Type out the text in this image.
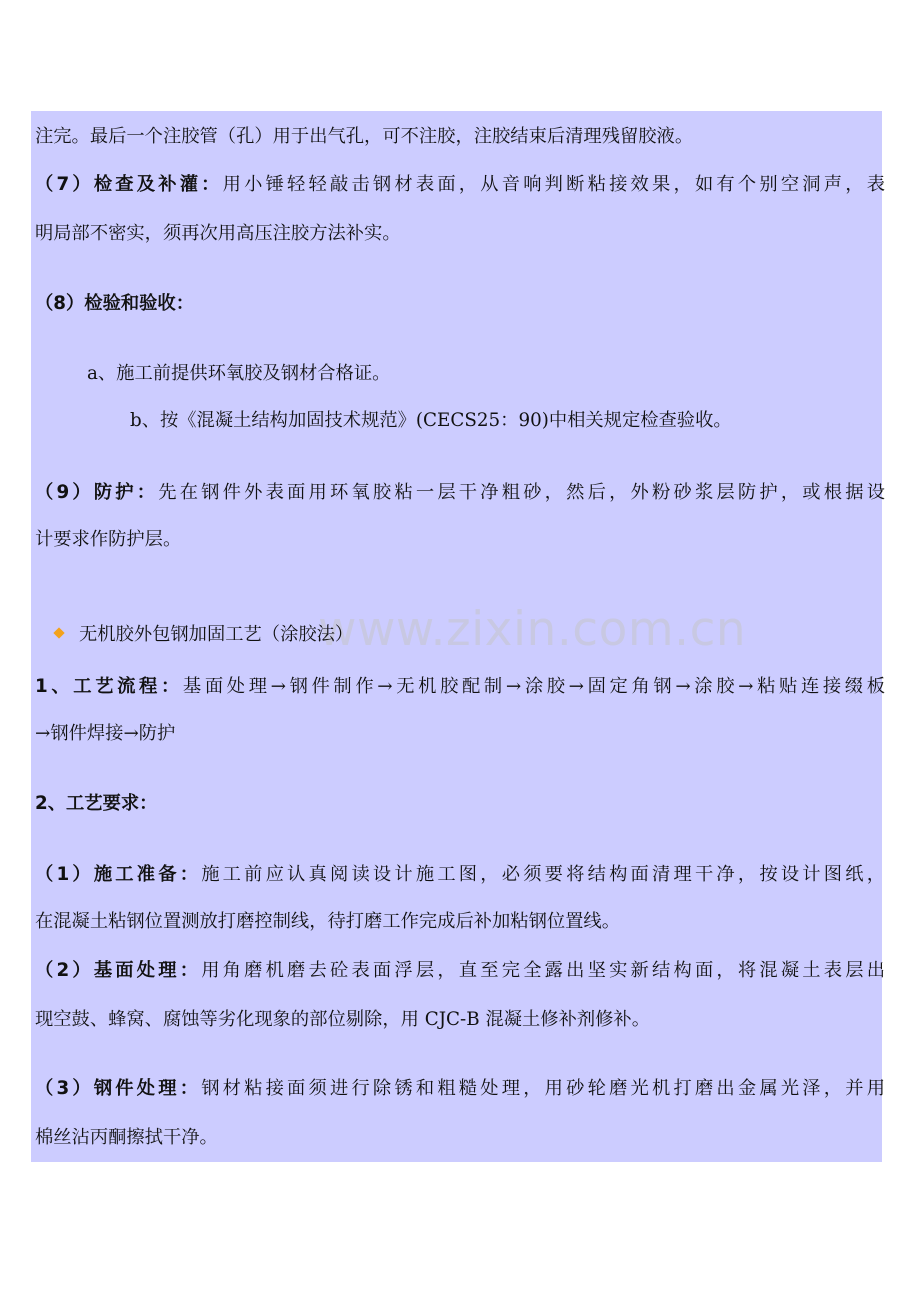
www.zixin.com.cn
注完。最后一个注胶管（孔）用于出气孔，可不注胶，注胶结束后清理残留胶液。
（7）检查及补灌：用小锤轻轻敲击钢材表面，从音响判断粘接效果，如有个别空洞声，表
明局部不密实，须再次用高压注胶方法补实。
（8）检验和验收：
a、施工前提供环氧胶及钢材合格证。
b、按《混凝土结构加固技术规范》(CECS25：90)中相关规定检查验收。
（9）防护：先在钢件外表面用环氧胶粘一层干净粗砂，然后，外粉砂浆层防护，或根据设
计要求作防护层。
无机胶外包钢加固工艺（涂胶法）
1、工艺流程：基面处理→钢件制作→无机胶配制→涂胶→固定角钢→涂胶→粘贴连接缀板
→钢件焊接→防护
2、工艺要求：
（1）施工准备：施工前应认真阅读设计施工图，必须要将结构面清理干净，按设计图纸，
在混凝土粘钢位置测放打磨控制线，待打磨工作完成后补加粘钢位置线。
（2）基面处理：用角磨机磨去砼表面浮层，直至完全露出坚实新结构面，将混凝土表层出
现空鼓、蜂窝、腐蚀等劣化现象的部位剔除，用 CJC-B 混凝土修补剂修补。
（3）钢件处理：钢材粘接面须进行除锈和粗糙处理，用砂轮磨光机打磨出金属光泽，并用
棉丝沾丙酮擦拭干净。
